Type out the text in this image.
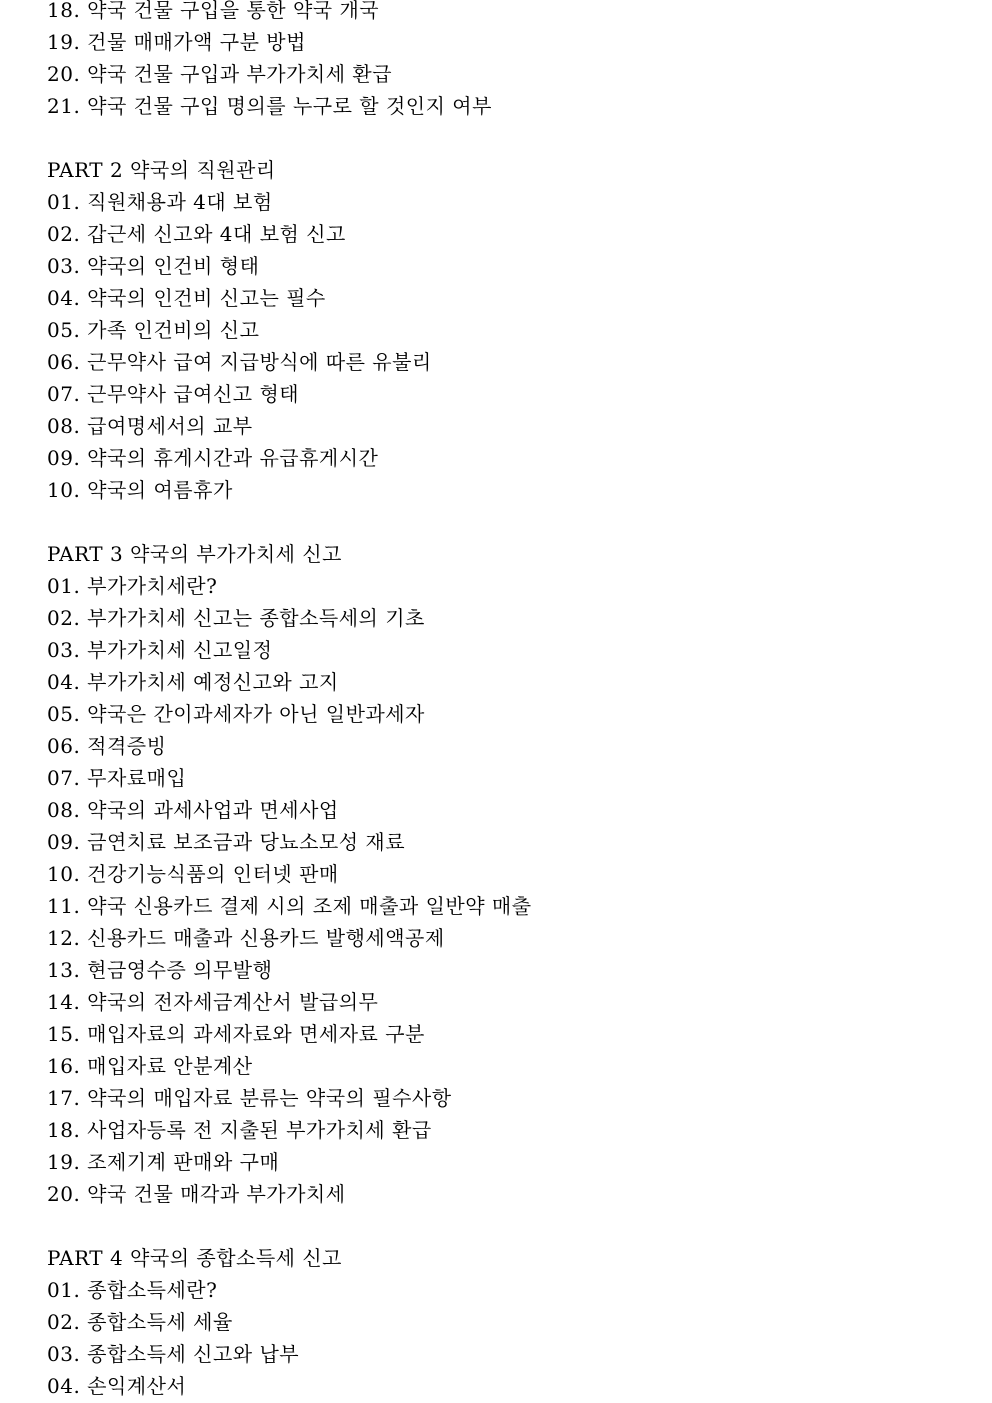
18. 약국 건물 구입을 통한 약국 개국
19. 건물 매매가액 구분 방법
20. 약국 건물 구입과 부가가치세 환급
21. 약국 건물 구입 명의를 누구로 할 것인지 여부
PART 2 약국의 직원관리
01. 직원채용과 4대 보험
02. 갑근세 신고와 4대 보험 신고
03. 약국의 인건비 형태
04. 약국의 인건비 신고는 필수
05. 가족 인건비의 신고
06. 근무약사 급여 지급방식에 따른 유불리
07. 근무약사 급여신고 형태
08. 급여명세서의 교부
09. 약국의 휴게시간과 유급휴게시간
10. 약국의 여름휴가
PART 3 약국의 부가가치세 신고
01. 부가가치세란?
02. 부가가치세 신고는 종합소득세의 기초
03. 부가가치세 신고일정
04. 부가가치세 예정신고와 고지
05. 약국은 간이과세자가 아닌 일반과세자
06. 적격증빙
07. 무자료매입
08. 약국의 과세사업과 면세사업
09. 금연치료 보조금과 당뇨소모성 재료
10. 건강기능식품의 인터넷 판매
11. 약국 신용카드 결제 시의 조제 매출과 일반약 매출
12. 신용카드 매출과 신용카드 발행세액공제
13. 현금영수증 의무발행
14. 약국의 전자세금계산서 발급의무
15. 매입자료의 과세자료와 면세자료 구분
16. 매입자료 안분계산
17. 약국의 매입자료 분류는 약국의 필수사항
18. 사업자등록 전 지출된 부가가치세 환급
19. 조제기계 판매와 구매
20. 약국 건물 매각과 부가가치세
PART 4 약국의 종합소득세 신고
01. 종합소득세란?
02. 종합소득세 세율
03. 종합소득세 신고와 납부
04. 손익계산서
